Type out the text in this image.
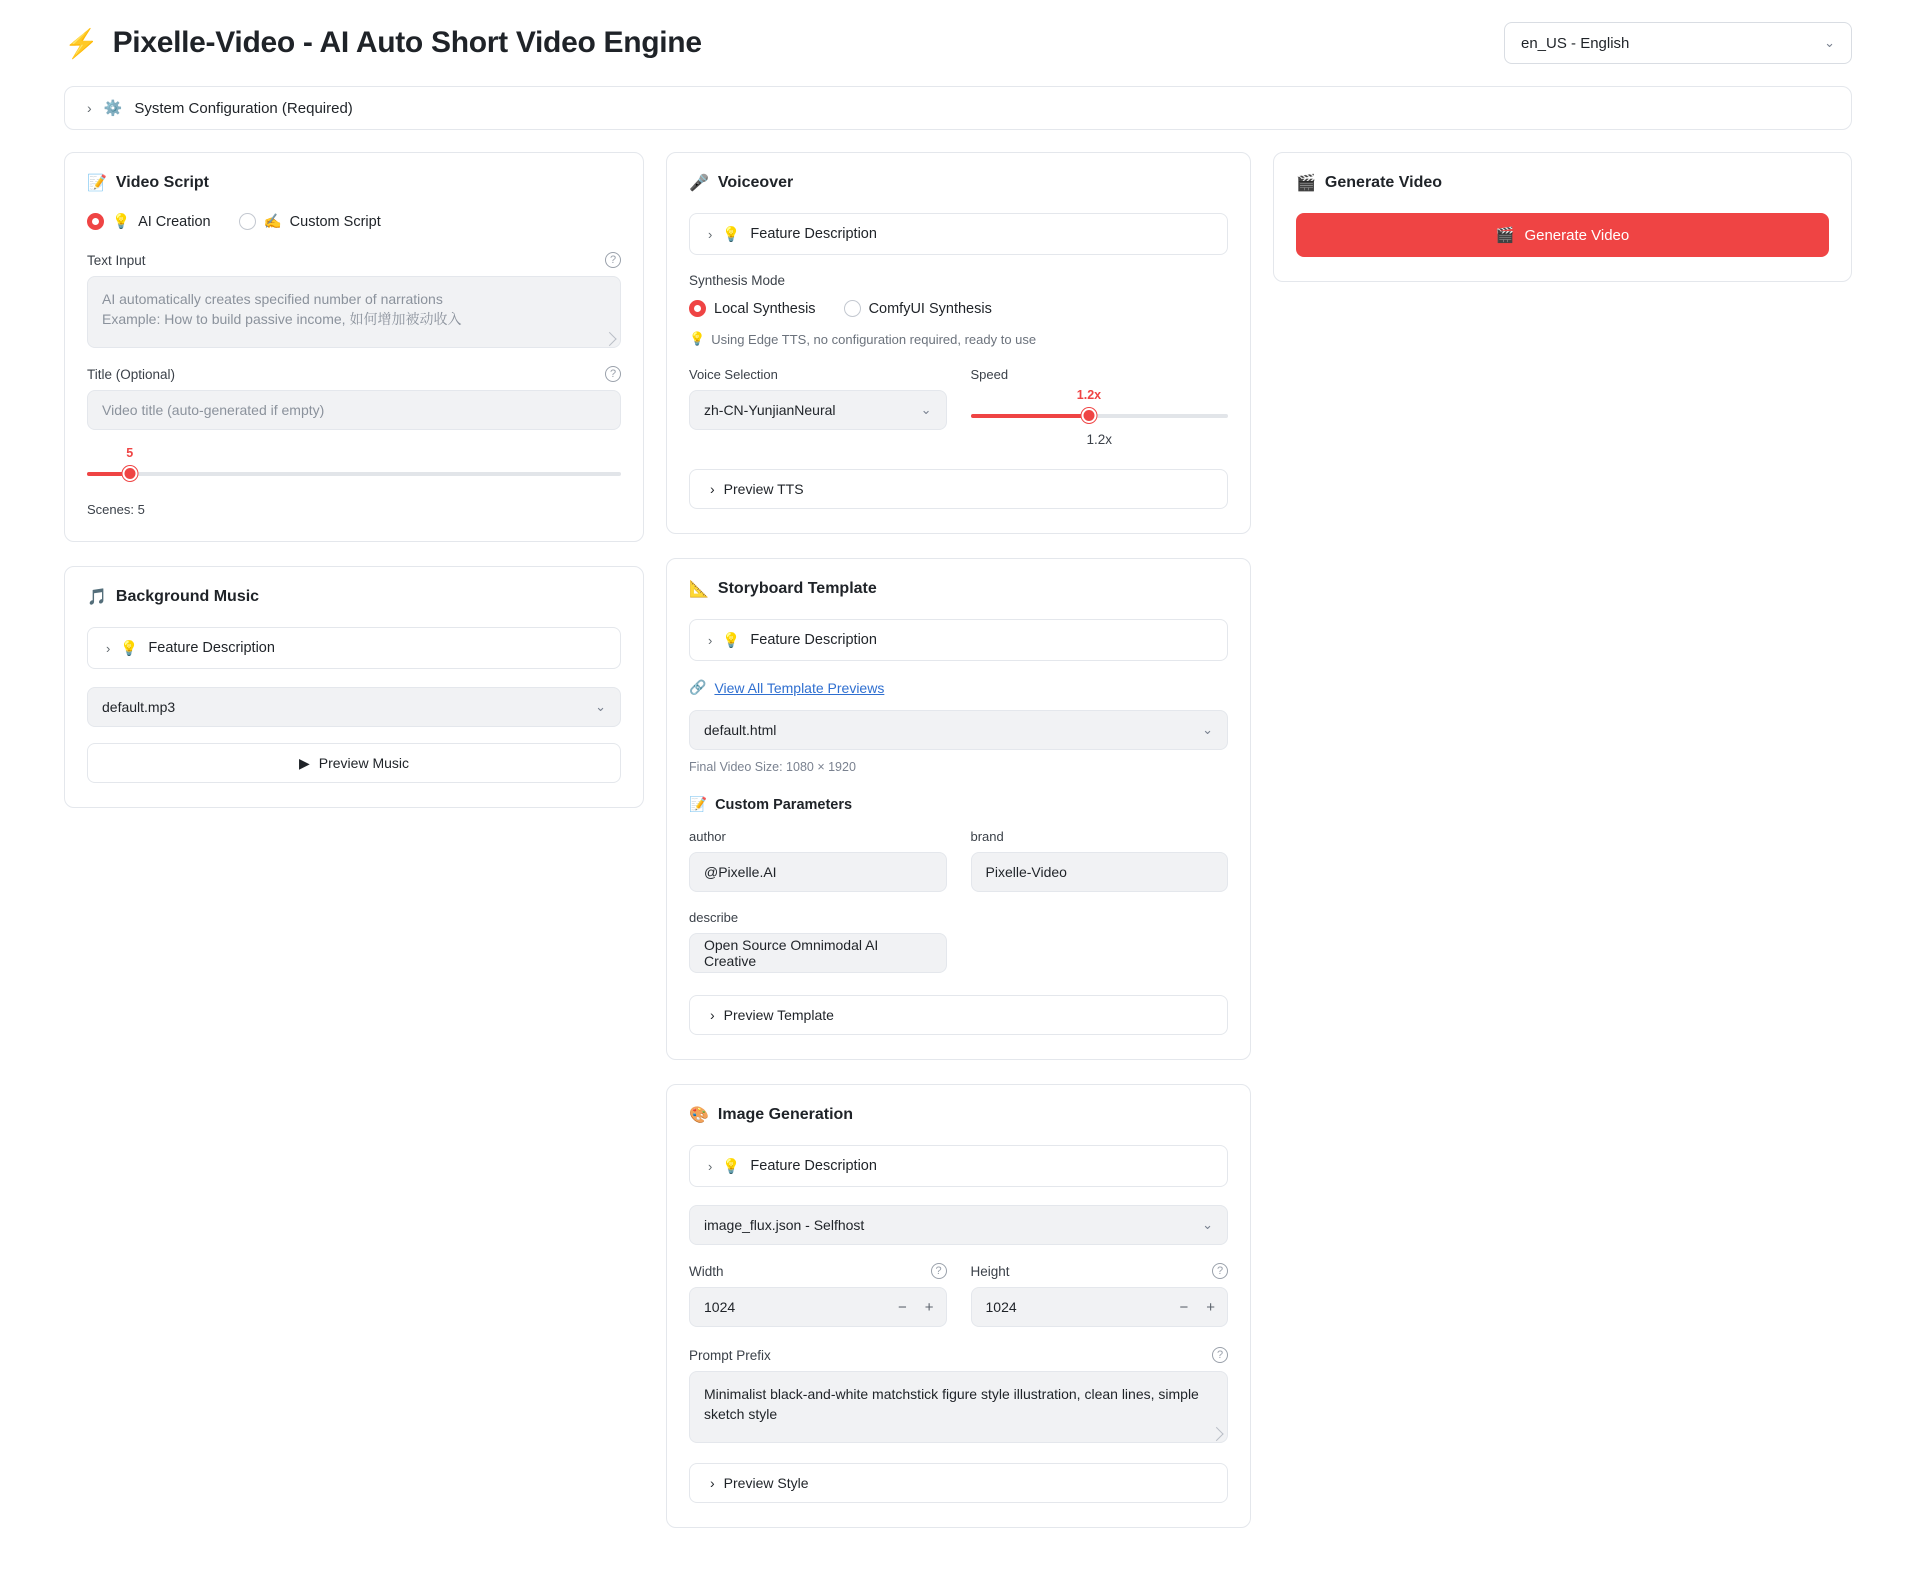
⚡ Pixelle-Video - AI Auto Short Video Engine	en_US - English	⌄
› ⚙️ System Configuration (Required)
📝 Video Script
💡 AI Creation	✍️ Custom Script
Text Input	?
AI automatically creates specified number of narrations
Example: How to build passive income, 如何增加被动收入
Title (Optional)	?
Video title (auto-generated if empty)
5
Scenes: 5
🎵 Background Music
› 💡 Feature Description
default.mp3	⌄
▶ Preview Music
🎤 Voiceover
› 💡 Feature Description
Synthesis Mode
Local Synthesis	ComfyUI Synthesis
💡 Using Edge TTS, no configuration required, ready to use
Voice Selection
zh-CN-YunjianNeural	⌄
Speed
1.2x
1.2x
› Preview TTS
📐 Storyboard Template
› 💡 Feature Description
🔗 View All Template Previews
default.html	⌄
Final Video Size: 1080 × 1920
📝 Custom Parameters
author
@Pixelle.AI
brand
Pixelle-Video
describe
Open Source Omnimodal AI Creative
› Preview Template
🎨 Image Generation
› 💡 Feature Description
image_flux.json - Selfhost	⌄
Width	?
1024	− +
Height	?
1024	− +
Prompt Prefix	?
Minimalist black-and-white matchstick figure style illustration, clean lines, simple sketch style
› Preview Style
🎬 Generate Video
🎬 Generate Video
